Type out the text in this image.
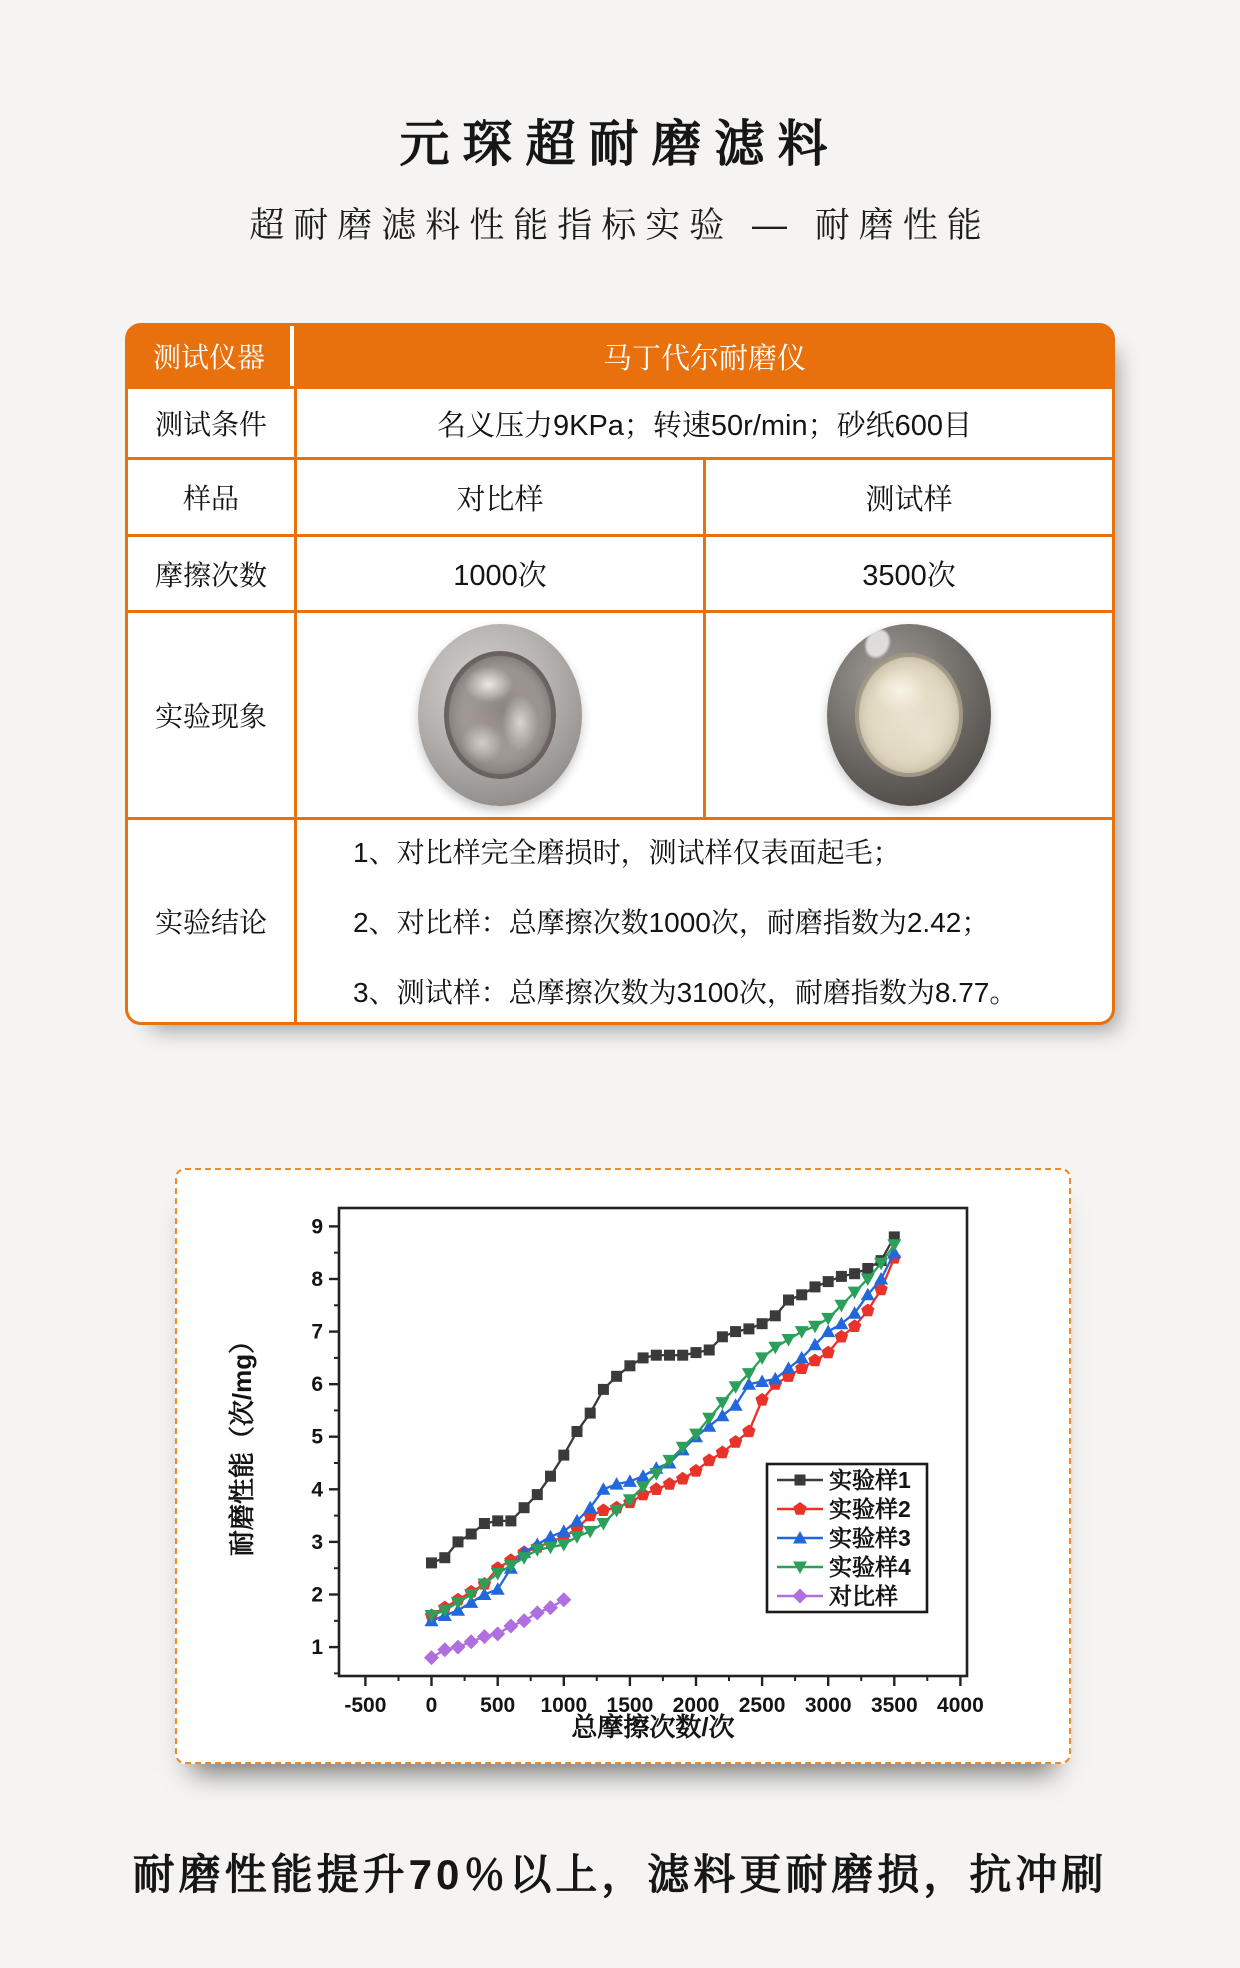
元琛超耐磨滤料
超耐磨滤料性能指标实验 — 耐磨性能
测试仪器	马丁代尔耐磨仪
测试条件	名义压力9KPa；转速50r/min；砂纸600目
样品	对比样	测试样
摩擦次数	1000次	3500次
实验现象
实验结论
1、对比样完全磨损时，测试样仅表面起毛；
2、对比样：总摩擦次数1000次，耐磨指数为2.42；
3、测试样：总摩擦次数为3100次，耐磨指数为8.77。
-500 0 500 1000 1500 2000 2500 3000 3500 4000
1
2
3
4
5
6
7
8
9
实验样1
实验样2
实验样3
实验样4
对比样
总摩擦次数/次
耐磨性能（次/mg）
耐磨性能提升70％以上，滤料更耐磨损，抗冲刷
